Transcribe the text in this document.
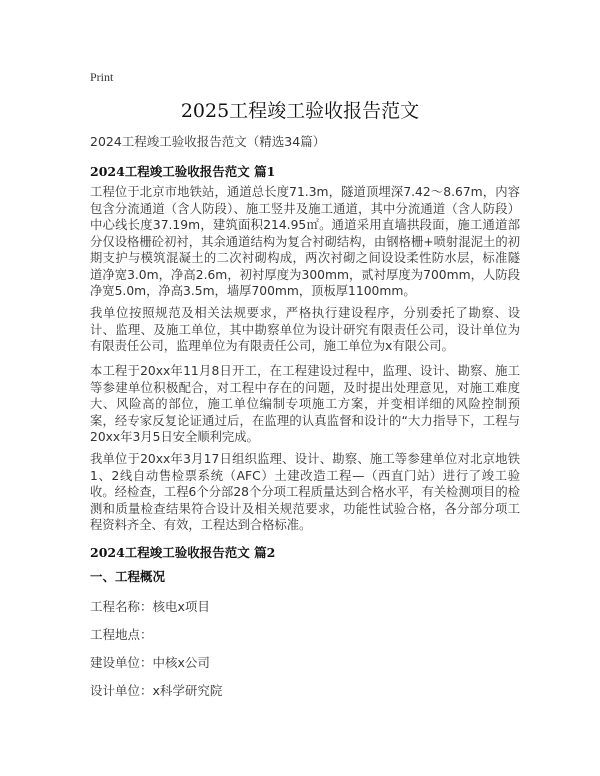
Print
2025工程竣工验收报告范文
2024工程竣工验收报告范文（精选34篇）
2024工程竣工验收报告范文 篇1
工程位于北京市地铁站，通道总长度71.3m，隧道顶埋深7.42～8.67m，内容包含分流通道（含人防段）、施工竖井及施工通道，其中分流通道（含人防段）中心线长度37.19m，建筑面积214.95㎡。通道采用直墙拱段面，施工通道部分仅设格栅砼初衬，其余通道结构为复合衬砌结构，由钢格栅+喷射混泥土的初期支护与模筑混凝土的二次衬砌构成，两次衬砌之间设设柔性防水层，标准隧道净宽3.0m，净高2.6m，初衬厚度为300mm，贰衬厚度为700mm，人防段净宽5.0m，净高3.5m，墙厚700mm，顶板厚1100mm。
我单位按照规范及相关法规要求，严格执行建设程序，分别委托了勘察、设计、监理、及施工单位，其中勘察单位为设计研究有限责任公司，设计单位为有限责任公司，监理单位为有限责任公司，施工单位为x有限公司。
本工程于20xx年11月8日开工，在工程建设过程中，监理、设计、勘察、施工等参建单位积极配合，对工程中存在的问题，及时提出处理意见，对施工难度大、风险高的部位，施工单位编制专项施工方案，并变相详细的风险控制预案，经专家反复论证通过后，在监理的认真监督和设计的“大力指导下，工程与20xx年3月5日安全顺利完成。
我单位于20xx年3月17日组织监理、设计、勘察、施工等参建单位对北京地铁1、2线自动售检票系统（AFC）土建改造工程—（西直门站）进行了竣工验收。经检查，工程6个分部28个分项工程质量达到合格水平，有关检测项目的检测和质量检查结果符合设计及相关规范要求，功能性试验合格，各分部分项工程资料齐全、有效，工程达到合格标准。
2024工程竣工验收报告范文 篇2
一、工程概况
工程名称：核电x项目
工程地点：
建设单位：中核x公司
设计单位：x科学研究院
